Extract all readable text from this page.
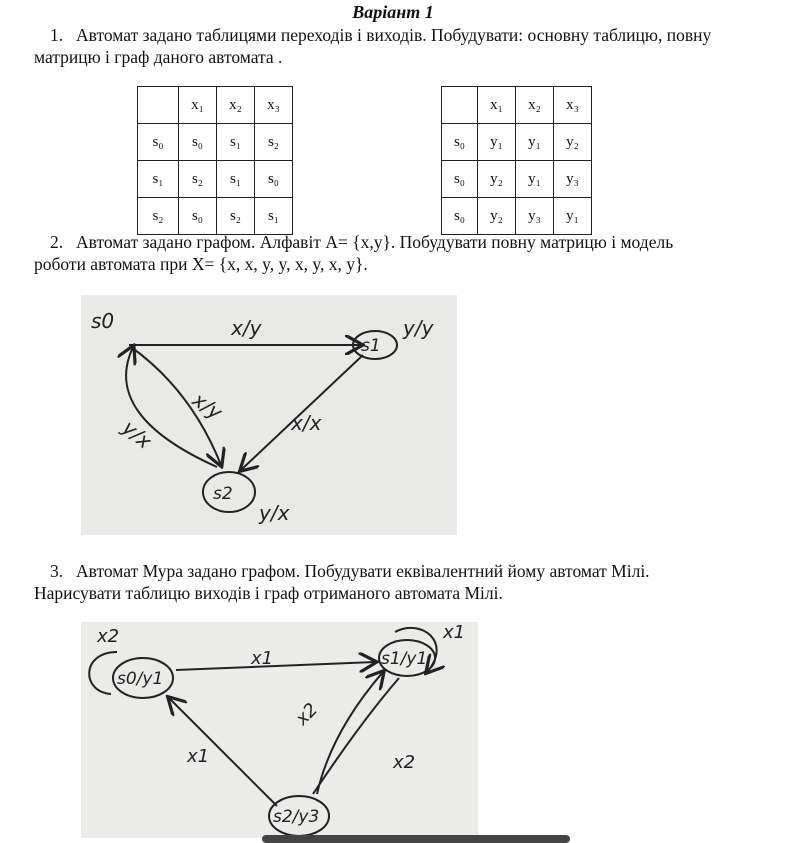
Варіант 1
1. Автомат задано таблицями переходів і виходів. Побудувати: основну таблицю, повну
матрицю і граф даного автомата .
	x₁	x₂	x₃
s₀	s₀	s₁	s₂
s₁	s₂	s₁	s₀
s₂	s₀	s₂	s₁
	x₁	x₂	x₃
s₀	y₁	y₁	y₂
s₀	y₂	y₁	y₃
s₀	y₂	y₃	y₁
2. Автомат задано графом. Алфавіт A= {x,y}. Побудувати повну матрицю і модель
роботи автомата при X= {x, x, y, y, x, y, x, y}.
s0
s1
s2
x/y	y/y
x/y
y/x	x/x
y/x
3. Автомат Мура задано графом. Побудувати еквівалентний йому автомат Мілі.
Нарисувати таблицю виходів і граф отриманого автомата Мілі.
s0/y1
s1/y1
s2/y3
x2	x1
x1
x2
x2
x1
